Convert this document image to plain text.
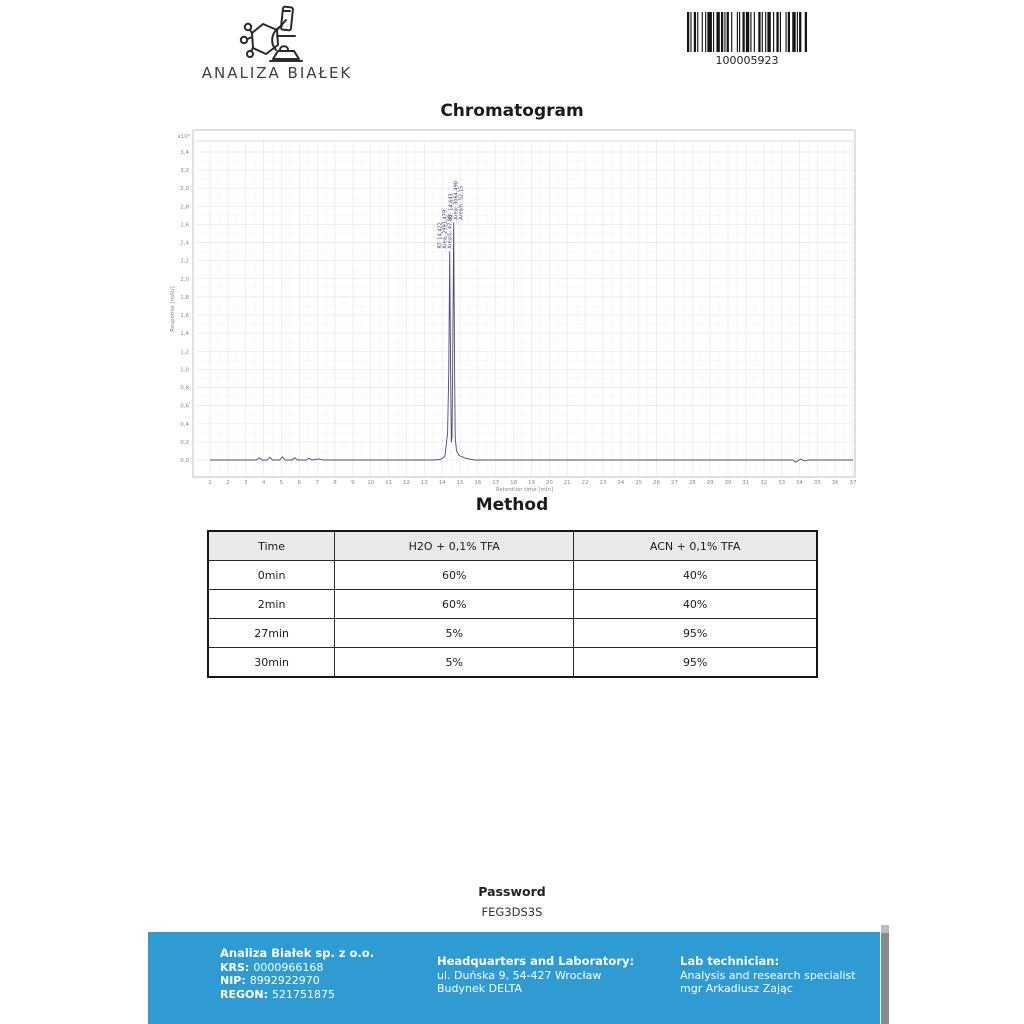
ANALIZA BIAŁEK
100005923
Chromatogram
0,0
0,2
0,4
0,6
0,8
1,0
1,2
1,4
1,6
1,8
2,0
2,2
2,4
2,6
2,8
3,0
3,2
3,4
x10²
1	2	3	4	5	6	7	8	9 10 11 12 13 14 15 16 17 18 19 20 21 22 23 24 25 26 27 28 29 30 31 32 33 34 35 36 37
Retention time [min]
Response [mAU]
RT: 14,422 Area: 2991,479 Area%: 47,85
RT: 14,643 Area: 3064,490 Area%: 52,15
Method
Time	H2O + 0,1% TFA	ACN + 0,1% TFA
0min	60%	40%
2min	60%	40%
27min	5%	95%
30min	5%	95%
Password
FEG3DS3S
Analiza Białek sp. z o.o.
KRS: 0000966168
NIP: 8992922970
REGON: 521751875
Headquarters and Laboratory:
ul. Duńska 9, 54-427 Wrocław
Budynek DELTA
Lab technician:
Analysis and research specialist
mgr Arkadiusz Zając
